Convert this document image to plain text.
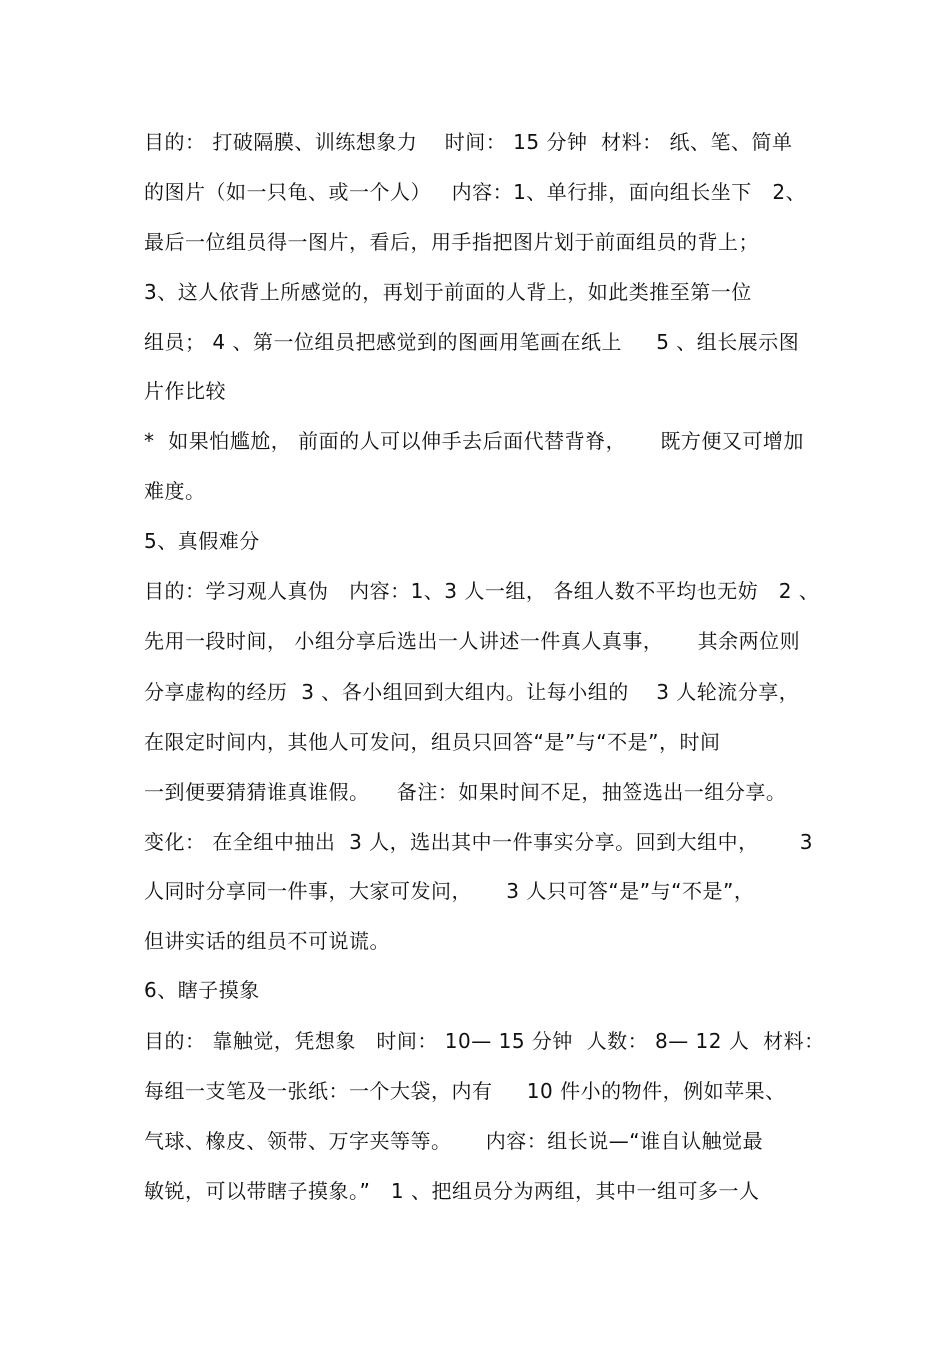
目的： 打破隔膜、训练想象力    时间： 15 分钟  材料： 纸、笔、简单
的图片（如一只龟、或一个人）   内容：1、单行排，面向组长坐下   2、
最后一位组员得一图片，看后，用手指把图片划于前面组员的背上；
3、这人依背上所感觉的，再划于前面的人背上，如此类推至第一位
组员； 4 、第一位组员把感觉到的图画用笔画在纸上     5 、组长展示图
片作比较
*  如果怕尴尬， 前面的人可以伸手去后面代替背脊，     既方便又可增加
难度。
5、真假难分
目的：学习观人真伪   内容：1、3 人一组， 各组人数不平均也无妨   2 、
先用一段时间， 小组分享后选出一人讲述一件真人真事，     其余两位则
分享虚构的经历  3 、各小组回到大组内。让每小组的    3 人轮流分享，
在限定时间内，其他人可发问，组员只回答“是”与“不是”，时间
一到便要猜猜谁真谁假。    备注：如果时间不足，抽签选出一组分享。
变化： 在全组中抽出  3 人，选出其中一件事实分享。回到大组中，      3
人同时分享同一件事，大家可发问，     3 人只可答“是”与“不是”，
但讲实话的组员不可说谎。
6、瞎子摸象
目的： 靠触觉，凭想象   时间： 10— 15 分钟  人数： 8— 12 人  材料：
每组一支笔及一张纸：一个大袋，内有     10 件小的物件，例如苹果、
气球、橡皮、领带、万字夹等等。     内容：组长说—“谁自认触觉最
敏锐，可以带瞎子摸象。”   1 、把组员分为两组，其中一组可多一人
